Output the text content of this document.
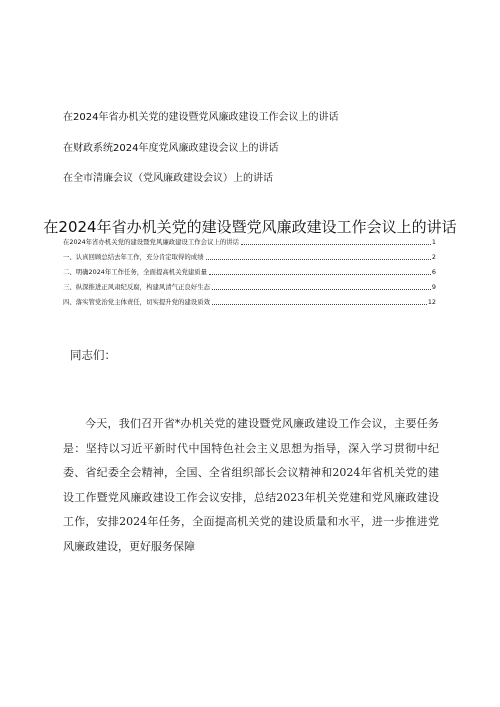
在2024年省办机关党的建设暨党风廉政建设工作会议上的讲话
在财政系统2024年度党风廉政建设会议上的讲话
在全市清廉会议（党风廉政建设会议）上的讲话
在2024年省办机关党的建设暨党风廉政建设工作会议上的讲话
在2024年省办机关党的建设暨党风廉政建设工作会议上的讲话	1
一、认真回顾总结去年工作，充分肯定取得的成绩	2
二、明确2024年工作任务，全面提高机关党建质量	6
三、纵深推进正风肃纪反腐，构建风清气正良好生态	9
四、落实管党治党主体责任，切实提升党的建设质效	12
同志们：
今天，我们召开省*办机关党的建设暨党风廉政建设工作会议，主要任务是：坚持以习近平新时代中国特色社会主义思想为指导，深入学习贯彻中纪委、省纪委全会精神，全国、全省组织部长会议精神和2024年省机关党的建设工作暨党风廉政建设工作会议安排，总结2023年机关党建和党风廉政建设工作，安排2024年任务，全面提高机关党的建设质量和水平，进一步推进党风廉政建设，更好服务保障
